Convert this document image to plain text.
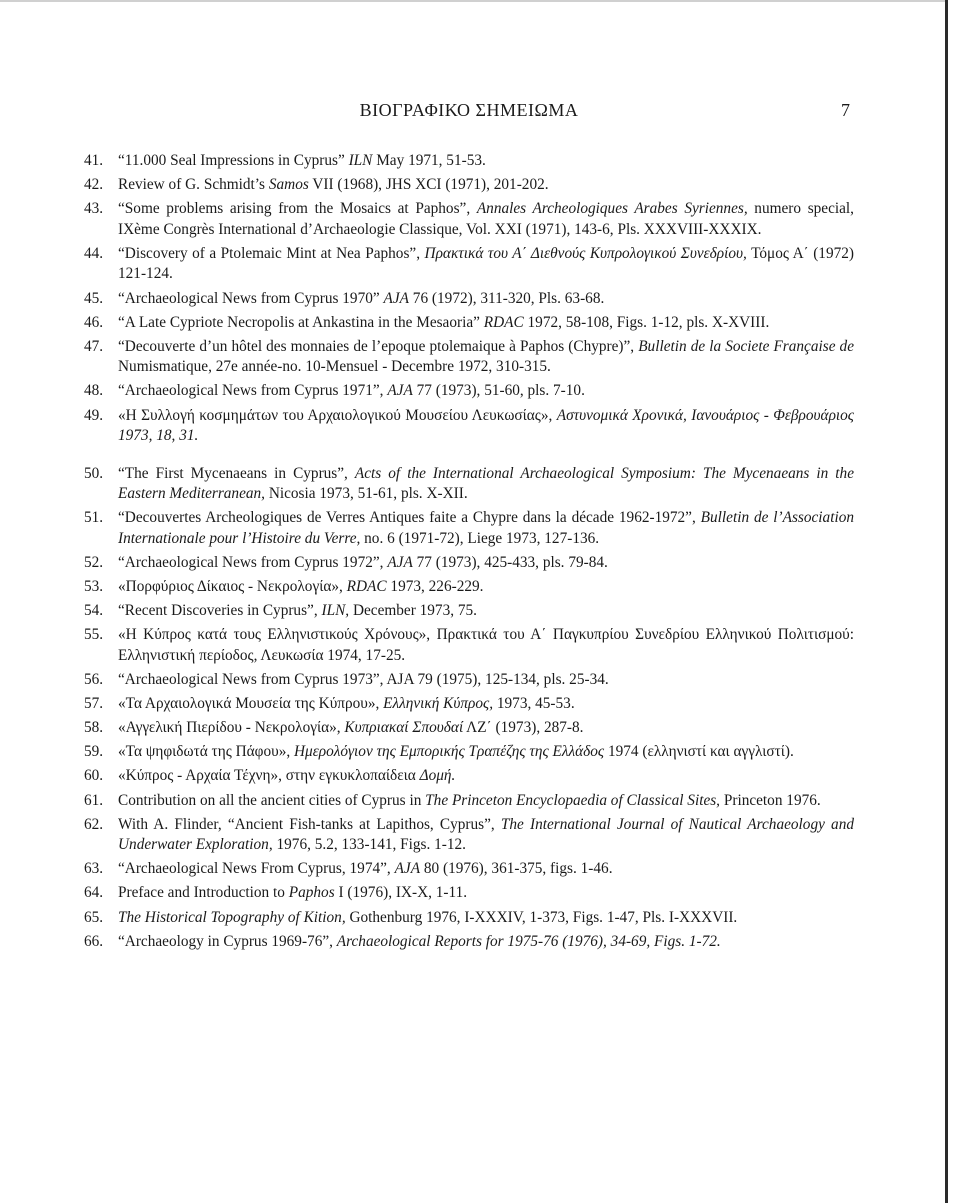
ΒΙΟΓΡΑΦΙΚΟ ΣΗΜΕΙΩΜΑ	7
41. “11.000 Seal Impressions in Cyprus” ILN May 1971, 51-53.
42. Review of G. Schmidt’s Samos VII (1968), JHS XCI (1971), 201-202.
43. “Some problems arising from the Mosaics at Paphos”, Annales Archeologiques Arabes Syriennes, numero special, IXème Congrès International d’Archaeologie Classique, Vol. XXI (1971), 143-6, Pls. XXXVIII-XXXIX.
44. “Discovery of a Ptolemaic Mint at Nea Paphos”, Πρακτικά του Α΄ Διεθνούς Κυπρολογικού Συνεδρίου, Τόμος Α΄ (1972) 121-124.
45. “Archaeological News from Cyprus 1970” AJA 76 (1972), 311-320, Pls. 63-68.
46. “A Late Cypriote Necropolis at Ankastina in the Mesaoria” RDAC 1972, 58-108, Figs. 1-12, pls. X-XVIII.
47. “Decouverte d’un hôtel des monnaies de l’epoque ptolemaique à Paphos (Chypre)”, Bulletin de la Societe Française de Numismatique, 27e année-no. 10-Mensuel - Decembre 1972, 310-315.
48. “Archaeological News from Cyprus 1971”, AJA 77 (1973), 51-60, pls. 7-10.
49. «Η Συλλογή κοσμημάτων του Αρχαιολογικού Μουσείου Λευκωσίας», Αστυνομικά Χρονικά, Ιανουάριος - Φεβρουάριος 1973, 18, 31.
50. “The First Mycenaeans in Cyprus”, Acts of the International Archaeological Symposium: The Mycenaeans in the Eastern Mediterranean, Nicosia 1973, 51-61, pls. X-XII.
51. “Decouvertes Archeologiques de Verres Antiques faite a Chypre dans la décade 1962-1972”, Bulletin de l’Association Internationale pour l’Histoire du Verre, no. 6 (1971-72), Liege 1973, 127-136.
52. “Archaeological News from Cyprus 1972”, AJA 77 (1973), 425-433, pls. 79-84.
53. «Πορφύριος Δίκαιος - Νεκρολογία», RDAC 1973, 226-229.
54. “Recent Discoveries in Cyprus”, ILN, December 1973, 75.
55. «Η Κύπρος κατά τους Ελληνιστικούς Χρόνους», Πρακτικά του Α΄ Παγκυπρίου Συνεδρίου Ελληνικού Πολιτισμού: Ελληνιστική περίοδος, Λευκωσία 1974, 17-25.
56. “Archaeological News from Cyprus 1973”, AJA 79 (1975), 125-134, pls. 25-34.
57. «Τα Αρχαιολογικά Μουσεία της Κύπρου», Ελληνική Κύπρος, 1973, 45-53.
58. «Αγγελική Πιερίδου - Νεκρολογία», Κυπριακαί Σπουδαί ΛΖ΄ (1973), 287-8.
59. «Τα ψηφιδωτά της Πάφου», Ημερολόγιον της Εμπορικής Τραπέζης της Ελλάδος 1974 (ελληνιστί και αγγλιστί).
60. «Κύπρος - Αρχαία Τέχνη», στην εγκυκλοπαίδεια Δομή.
61. Contribution on all the ancient cities of Cyprus in The Princeton Encyclopaedia of Classical Sites, Princeton 1976.
62. With A. Flinder, “Ancient Fish-tanks at Lapithos, Cyprus”, The International Journal of Nautical Archaeology and Underwater Exploration, 1976, 5.2, 133-141, Figs. 1-12.
63. “Archaeological News From Cyprus, 1974”, AJA 80 (1976), 361-375, figs. 1-46.
64. Preface and Introduction to Paphos I (1976), IX-X, 1-11.
65. The Historical Topography of Kition, Gothenburg 1976, I-XXXIV, 1-373, Figs. 1-47, Pls. I-XXXVII.
66. “Archaeology in Cyprus 1969-76”, Archaeological Reports for 1975-76 (1976), 34-69, Figs. 1-72.
